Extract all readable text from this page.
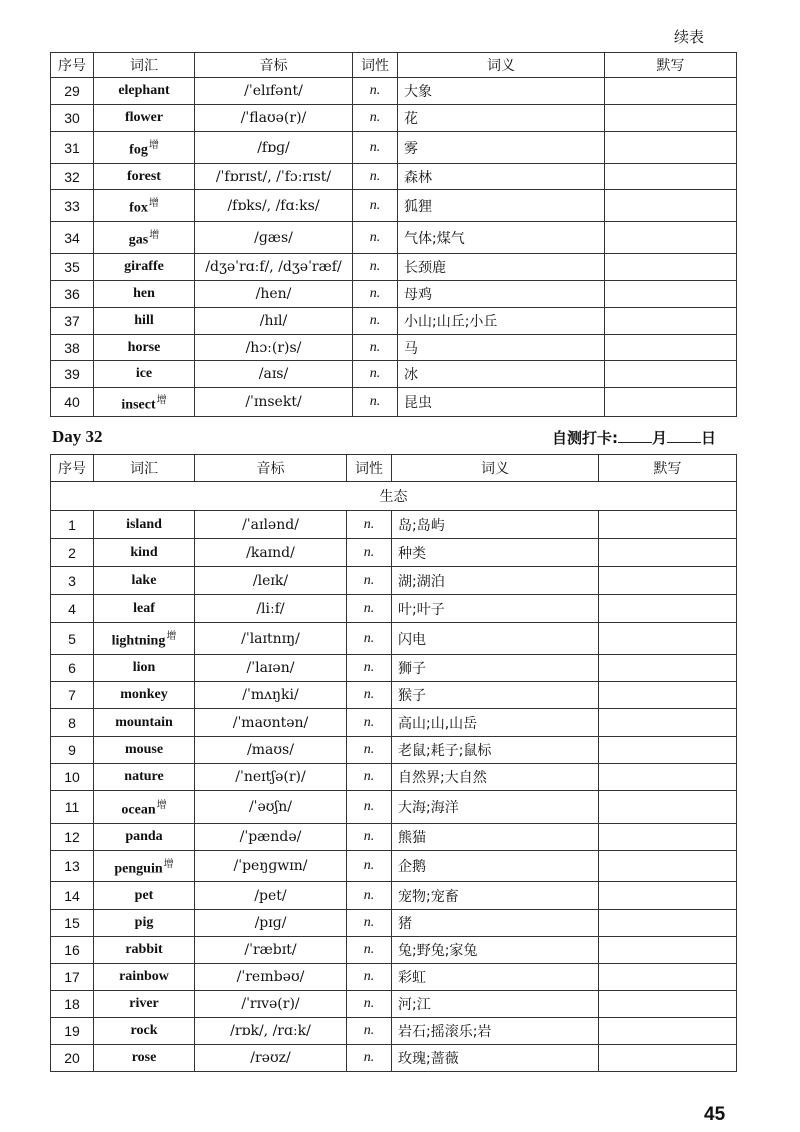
续表
序号	词汇	音标	词性	词义	默写
29	elephant	/ˈelɪfənt/	n.	大象	
30	flower	/ˈflaʊə(r)/	n.	花	
31	fog$^增$	/fɒɡ/	n.	雾	
32	forest	/ˈfɒrɪst/, /ˈfɔːrɪst/	n.	森林	
33	fox$^增$	/fɒks/, /fɑːks/	n.	狐狸	
34	gas$^增$	/ɡæs/	n.	气体;煤气	
35	giraffe	/dʒəˈrɑːf/, /dʒəˈræf/	n.	长颈鹿	
36	hen	/hen/	n.	母鸡	
37	hill	/hɪl/	n.	小山;山丘;小丘	
38	horse	/hɔː(r)s/	n.	马	
39	ice	/aɪs/	n.	冰	
40	insect$^增$	/ˈɪnsekt/	n.	昆虫	
Day 32	自测打卡: 月 日
序号	词汇	音标	词性	词义	默写
生态					
1	island	/ˈaɪlənd/	n.	岛;岛屿	
2	kind	/kaɪnd/	n.	种类	
3	lake	/leɪk/	n.	湖;湖泊	
4	leaf	/liːf/	n.	叶;叶子	
5	lightning$^增$	/ˈlaɪtnɪŋ/	n.	闪电	
6	lion	/ˈlaɪən/	n.	狮子	
7	monkey	/ˈmʌŋki/	n.	猴子	
8	mountain	/ˈmaʊntən/	n.	高山;山,山岳	
9	mouse	/maʊs/	n.	老鼠;耗子;鼠标	
10	nature	/ˈneɪtʃə(r)/	n.	自然界;大自然	
11	ocean$^增$	/ˈəʊʃn/	n.	大海;海洋	
12	panda	/ˈpændə/	n.	熊猫	
13	penguin$^增$	/ˈpeŋɡwɪn/	n.	企鹅	
14	pet	/pet/	n.	宠物;宠畜	
15	pig	/pɪɡ/	n.	猪	
16	rabbit	/ˈræbɪt/	n.	兔;野兔;家兔	
17	rainbow	/ˈreɪnbəʊ/	n.	彩虹	
18	river	/ˈrɪvə(r)/	n.	河;江	
19	rock	/rɒk/, /rɑːk/	n.	岩石;摇滚乐;岩	
20	rose	/rəʊz/	n.	玫瑰;蔷薇	
45
